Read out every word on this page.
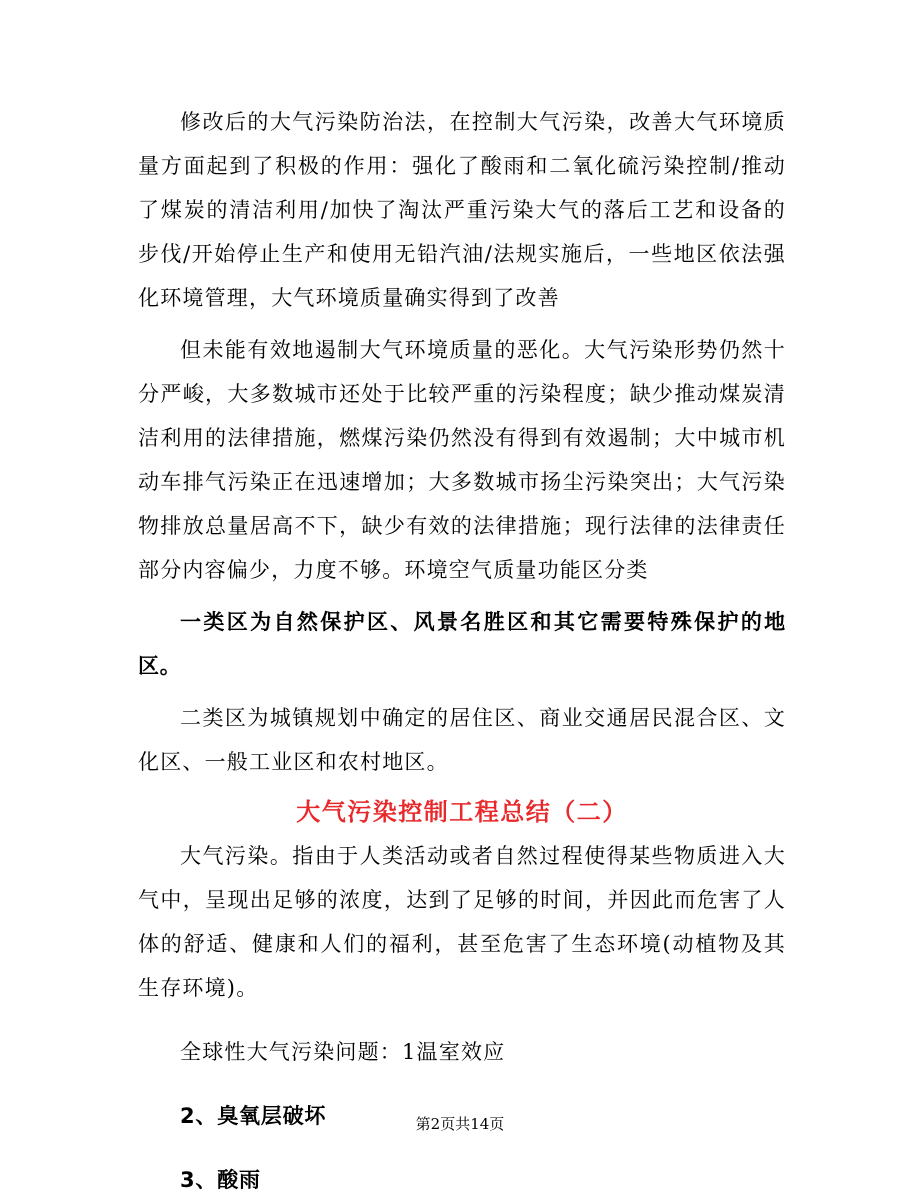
修改后的大气污染防治法，在控制大气污染，改善大气环境质量方面起到了积极的作用：强化了酸雨和二氧化硫污染控制/推动了煤炭的清洁利用/加快了淘汰严重污染大气的落后工艺和设备的步伐/开始停止生产和使用无铅汽油/法规实施后，一些地区依法强化环境管理，大气环境质量确实得到了改善

但未能有效地遏制大气环境质量的恶化。大气污染形势仍然十分严峻，大多数城市还处于比较严重的污染程度；缺少推动煤炭清洁利用的法律措施，燃煤污染仍然没有得到有效遏制；大中城市机动车排气污染正在迅速增加；大多数城市扬尘污染突出；大气污染物排放总量居高不下，缺少有效的法律措施；现行法律的法律责任部分内容偏少，力度不够。环境空气质量功能区分类

一类区为自然保护区、风景名胜区和其它需要特殊保护的地区。

二类区为城镇规划中确定的居住区、商业交通居民混合区、文化区、一般工业区和农村地区。

大气污染控制工程总结（二）

大气污染。指由于人类活动或者自然过程使得某些物质进入大气中，呈现出足够的浓度，达到了足够的时间，并因此而危害了人体的舒适、健康和人们的福利，甚至危害了生态环境(动植物及其生存环境)。

全球性大气污染问题：1温室效应

2、臭氧层破坏

3、酸雨

第2页共14页
